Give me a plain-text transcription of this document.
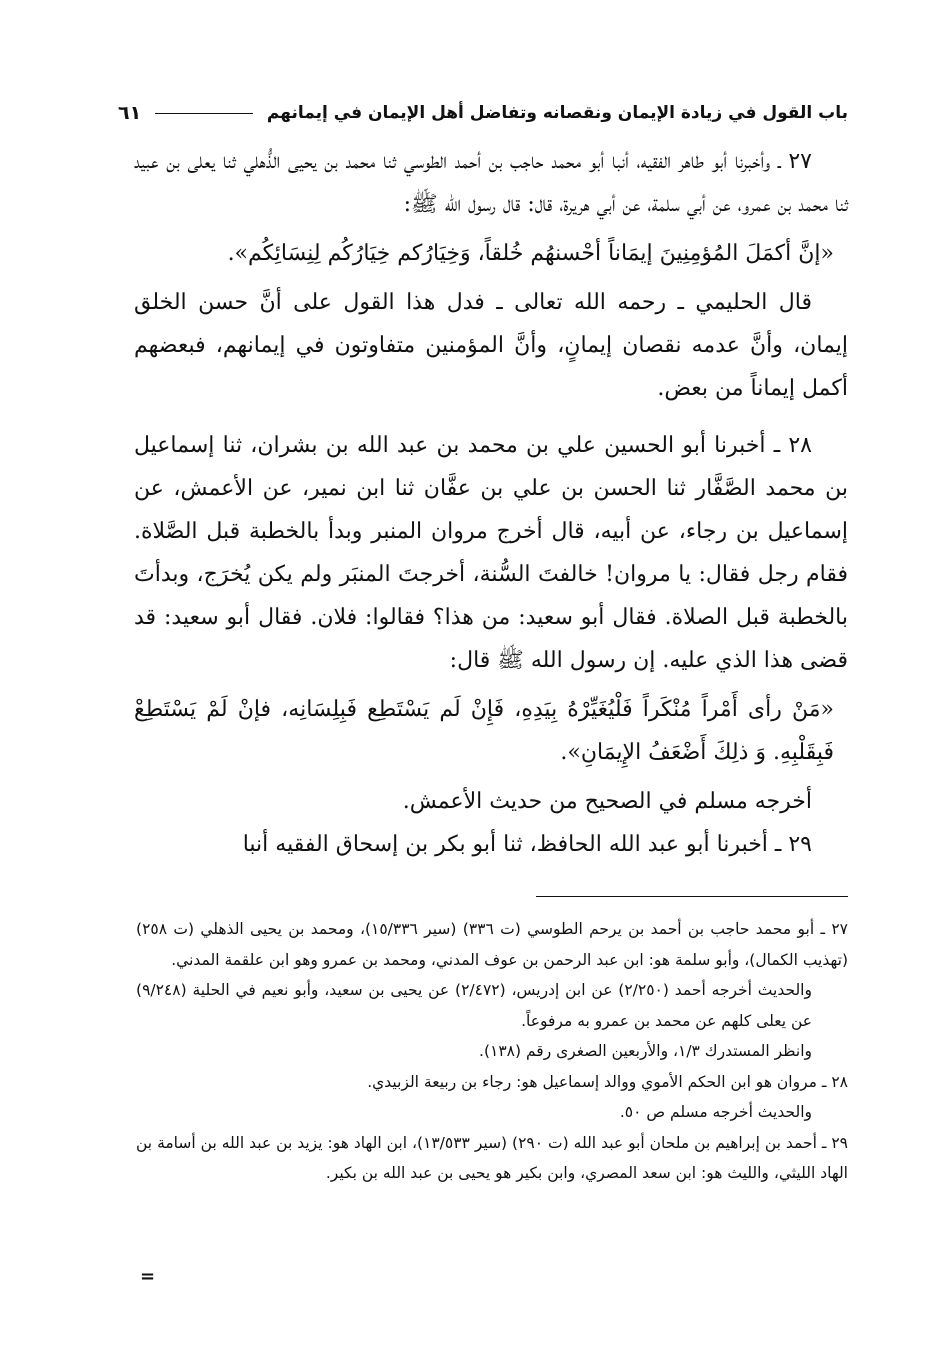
باب القول في زيادة الإيمان ونقصانه وتفاضل أهل الإيمان في إيمانهم
٦١

٢٧ ـ وأخبرنا أبو طاهر الفقيه، أنبا أبو محمد حاجب بن أحمد الطوسي ثنا محمد بن يحيى الذُّهلي ثنا يعلى بن عبيد ثنا محمد بن عمرو، عن أبي سلمة، عن أبي هريرة، قال: قال رسول الله ﷺ:

«إنَّ أكمَلَ المُؤمِنِينَ إيمَاناً أحْسنهُم خُلقاً، وَخِيَارُكم خِيَارُكُم لِنِسَائِكُم».

قال الحليمي ـ رحمه الله تعالى ـ فدل هذا القول على أنَّ حسن الخلق إيمان، وأنَّ عدمه نقصان إيمانٍ، وأنَّ المؤمنين متفاوتون في إيمانهم، فبعضهم أكمل إيماناً من بعض.

٢٨ ـ أخبرنا أبو الحسين علي بن محمد بن عبد الله بن بشران، ثنا إسماعيل بن محمد الصَّفَّار ثنا الحسن بن علي بن عفَّان ثنا ابن نمير، عن الأعمش، عن إسماعيل بن رجاء، عن أبيه، قال أخرج مروان المنبر وبدأ بالخطبة قبل الصَّلاة. فقام رجل فقال: يا مروان! خالفتَ السُّنة، أخرجتَ المنبَر ولم يكن يُخرَج، وبدأتَ بالخطبة قبل الصلاة. فقال أبو سعيد: من هذا؟ فقالوا: فلان. فقال أبو سعيد: قد قضى هذا الذي عليه. إن رسول الله ﷺ قال:

«مَنْ رأى أَمْراً مُنْكَراً فَلْيُغَيِّرْهُ بِيَدِهِ، فَإِنْ لَم يَسْتَطِع فَبِلِسَانِه، فإنْ لَمْ يَسْتَطِعْ فَبِقَلْبِهِ. وَ ذلِكَ أَضْعَفُ الإِيمَانِ».

أخرجه مسلم في الصحيح من حديث الأعمش.

٢٩ ـ أخبرنا أبو عبد الله الحافظ، ثنا أبو بكر بن إسحاق الفقيه أنبا

٢٧ ـ أبو محمد حاجب بن أحمد بن يرحم الطوسي (ت ٣٣٦) (سير ١٥/٣٣٦)، ومحمد بن يحيى الذهلي (ت ٢٥٨) (تهذيب الكمال)، وأبو سلمة هو: ابن عبد الرحمن بن عوف المدني، ومحمد بن عمرو وهو ابن علقمة المدني.

والحديث أخرجه أحمد (٢/٢٥٠) عن ابن إدريس، (٢/٤٧٢) عن يحيى بن سعيد، وأبو نعيم في الحلية (٩/٢٤٨) عن يعلى كلهم عن محمد بن عمرو به مرفوعاً.

وانظر المستدرك ١/٣، والأربعين الصغرى رقم (١٣٨).

٢٨ ـ مروان هو ابن الحكم الأموي ووالد إسماعيل هو: رجاء بن ربيعة الزبيدي.

والحديث أخرجه مسلم ص ٥٠.

٢٩ ـ أحمد بن إبراهيم بن ملحان أبو عبد الله (ت ٢٩٠) (سير ١٣/٥٣٣)، ابن الهاد هو: يزيد بن عبد الله بن أسامة بن الهاد الليثي، والليث هو: ابن سعد المصري، وابن بكير هو يحيى بن عبد الله بن بكير.

=
